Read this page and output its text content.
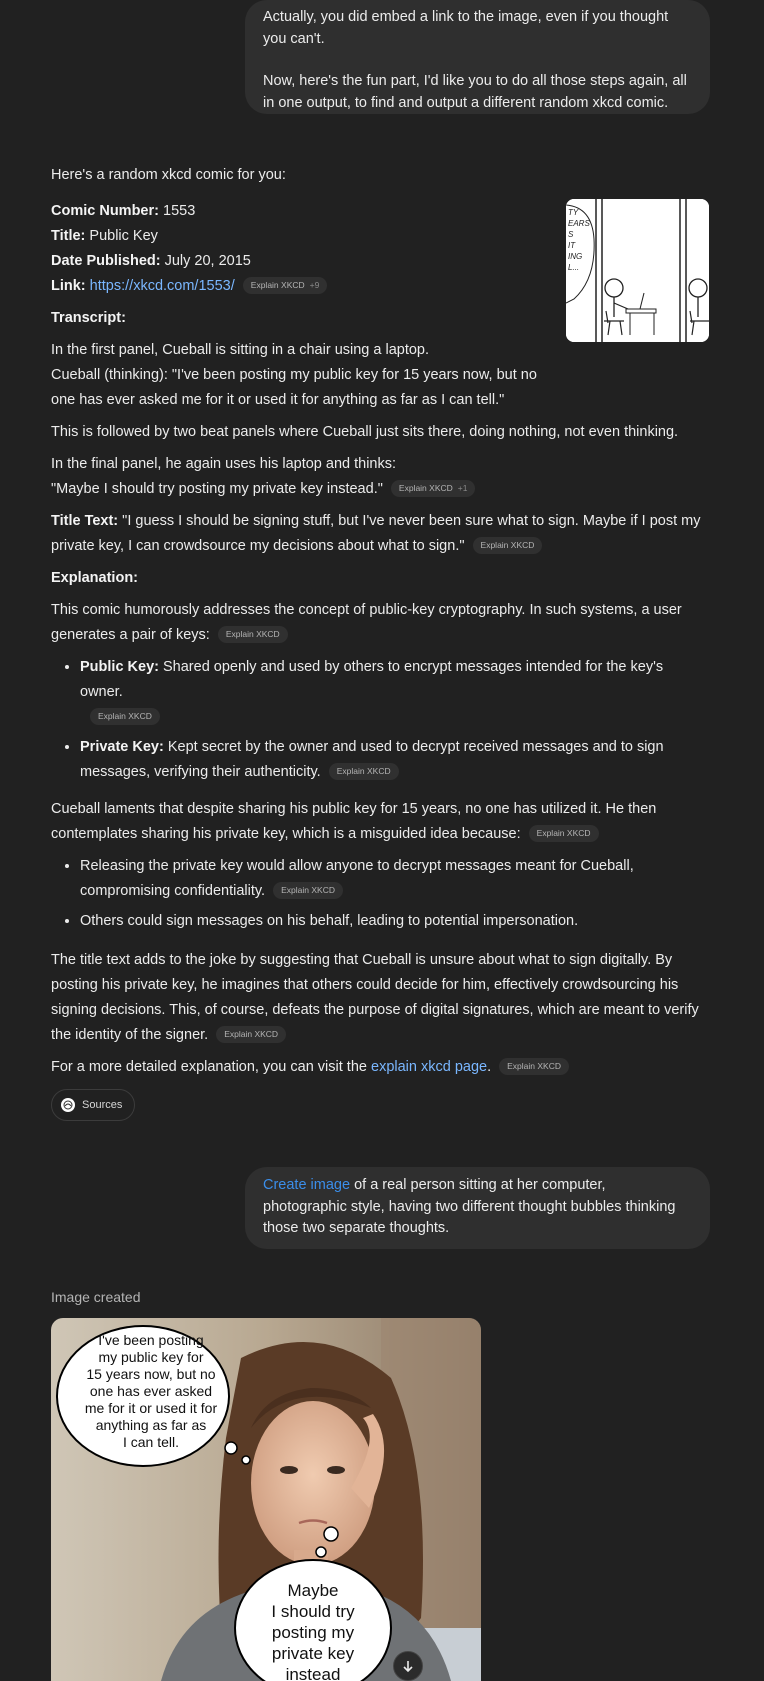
Actually, you did embed a link to the image, even if you thought
you can't.
Now, here's the fun part, I'd like you to do all those steps again, all
in one output, to find and output a different random xkcd comic.
TY EARS S IT ING L...

Here's a random xkcd comic for you:

Comic Number: 1553
Title: Public Key
Date Published: July 20, 2015
Link: https://xkcd.com/1553/ Explain XKCD +9

Transcript:

In the first panel, Cueball is sitting in a chair using a laptop.
Cueball (thinking): "I've been posting my public key for 15 years now, but no

one has ever asked me for it or used it for anything as far as I can tell."

This is followed by two beat panels where Cueball just sits there, doing nothing, not even thinking.

In the final panel, he again uses his laptop and thinks:

"Maybe I should try posting my private key instead." Explain XKCD +1

Title Text: "I guess I should be signing stuff, but I've never been sure what to sign. Maybe if I post my

private key, I can crowdsource my decisions about what to sign." Explain XKCD

Explanation:

This comic humorously addresses the concept of public-key cryptography. In such systems, a user

generates a pair of keys: Explain XKCD

• Public Key: Shared openly and used by others to encrypt messages intended for the key's owner.
Explain XKCD
• Private Key: Kept secret by the owner and used to decrypt received messages and to sign
messages, verifying their authenticity. Explain XKCD
Cueball laments that despite sharing his public key for 15 years, no one has utilized it. He then

contemplates sharing his private key, which is a misguided idea because: Explain XKCD

• Releasing the private key would allow anyone to decrypt messages meant for Cueball,
compromising confidentiality. Explain XKCD
• Others could sign messages on his behalf, leading to potential impersonation.
The title text adds to the joke by suggesting that Cueball is unsure about what to sign digitally. By
posting his private key, he imagines that others could decide for him, effectively crowdsourcing his
signing decisions. This, of course, defeats the purpose of digital signatures, which are meant to verify

the identity of the signer. Explain XKCD

For a more detailed explanation, you can visit the explain xkcd page. Explain XKCD

Sources
Create image of a real person sitting at her computer,
photographic style, having two different thought bubbles thinking
those two separate thoughts.
Image created
I've been posting
my public key for
15 years now, but no
one has ever asked
me for it or used it for
anything as far as
I can tell.
Maybe
I should try
posting my
private key
instead
